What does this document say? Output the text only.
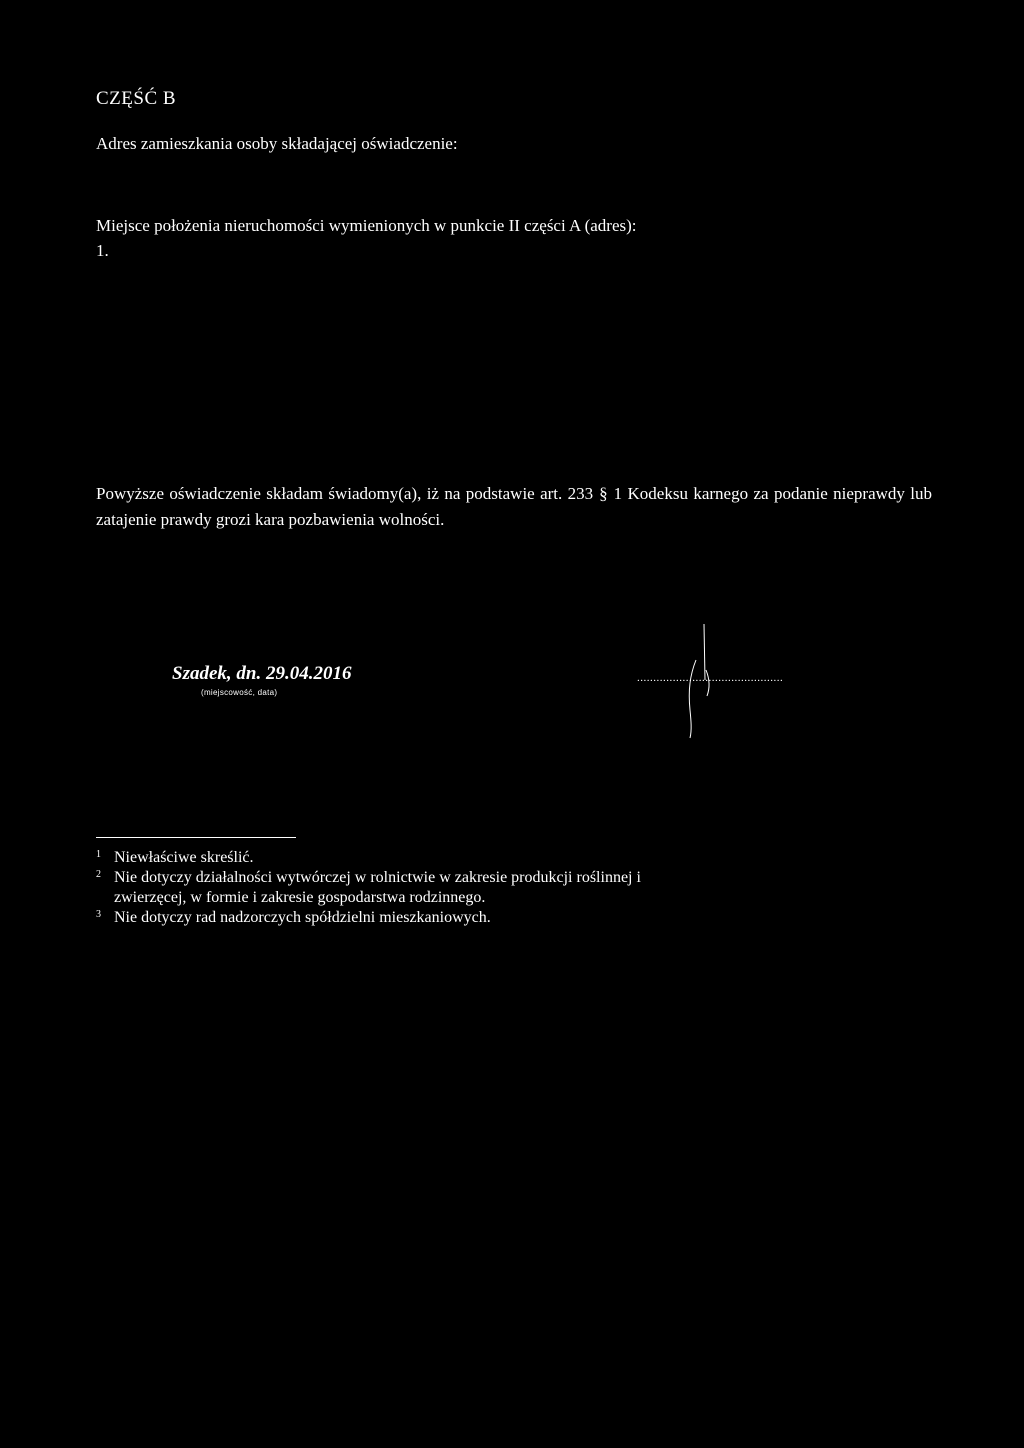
CZĘŚĆ B
Adres zamieszkania osoby składającej oświadczenie:
Miejsce położenia nieruchomości wymienionych w punkcie II części A (adres):
1.
Powyższe oświadczenie składam świadomy(a), iż na podstawie art. 233 § 1 Kodeksu karnego za podanie nieprawdy lub zatajenie prawdy grozi kara pozbawienia wolności.
Szadek, dn. 29.04.2016
(miejscowość, data)
.............................................
1 Niewłaściwe skreślić.
2 Nie dotyczy działalności wytwórczej w rolnictwie w zakresie produkcji roślinnej i zwierzęcej, w formie i zakresie gospodarstwa rodzinnego.
3 Nie dotyczy rad nadzorczych spółdzielni mieszkaniowych.
